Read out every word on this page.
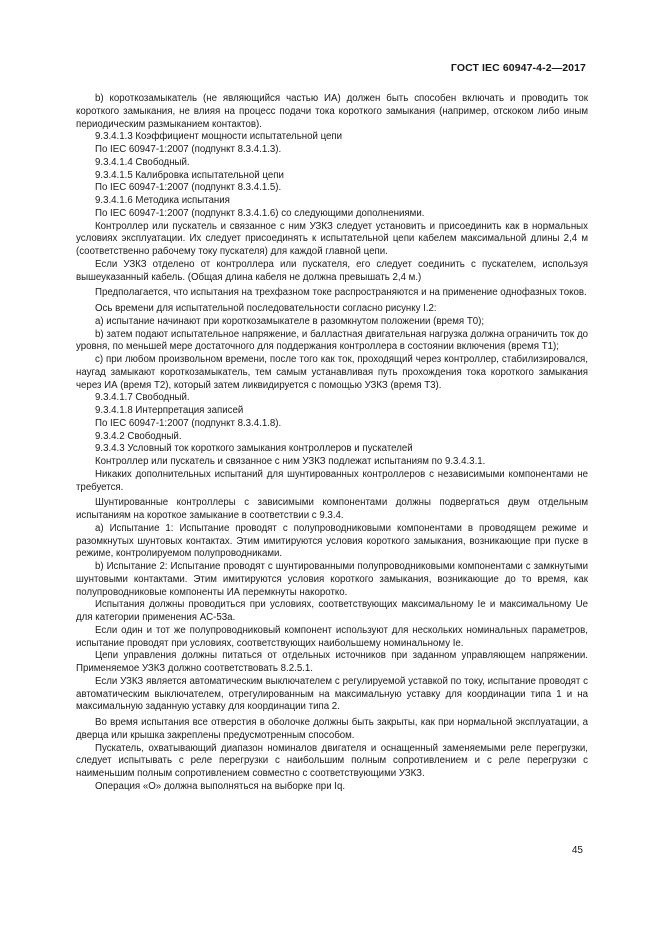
ГОСТ IEC 60947-4-2—2017

b) короткозамыкатель (не являющийся частью ИА) должен быть способен включать и проводить ток короткого замыкания, не влияя на процесс подачи тока короткого замыкания (например, отскоком либо иным периодическим размыканием контактов).

9.3.4.1.3 Коэффициент мощности испытательной цепи

По IEC 60947-1:2007 (подпункт 8.3.4.1.3).

9.3.4.1.4 Свободный.

9.3.4.1.5 Калибровка испытательной цепи

По IEC 60947-1:2007 (подпункт 8.3.4.1.5).

9.3.4.1.6 Методика испытания

По IEC 60947-1:2007 (подпункт 8.3.4.1.6) со следующими дополнениями.

Контроллер или пускатель и связанное с ним УЗКЗ следует установить и присоединить как в нормальных условиях эксплуатации. Их следует присоединять к испытательной цепи кабелем максимальной длины 2,4 м (соответственно рабочему току пускателя) для каждой главной цепи.

Если УЗКЗ отделено от контроллера или пускателя, его следует соединить с пускателем, используя вышеуказанный кабель. (Общая длина кабеля не должна превышать 2,4 м.)

Предполагается, что испытания на трехфазном токе распространяются и на применение однофазных токов.

Ось времени для испытательной последовательности согласно рисунку I.2:

a) испытание начинают при короткозамыкателе в разомкнутом положении (время T0);

b) затем подают испытательное напряжение, и балластная двигательная нагрузка должна ограничить ток до уровня, по меньшей мере достаточного для поддержания контроллера в состоянии включения (время T1);

c) при любом произвольном времени, после того как ток, проходящий через контроллер, стабилизировался, наугад замыкают короткозамыкатель, тем самым устанавливая путь прохождения тока короткого замыкания через ИА (время T2), который затем ликвидируется с помощью УЗКЗ (время T3).

9.3.4.1.7 Свободный.

9.3.4.1.8 Интерпретация записей

По IEC 60947-1:2007 (подпункт 8.3.4.1.8).

9.3.4.2 Свободный.

9.3.4.3 Условный ток короткого замыкания контроллеров и пускателей

Контроллер или пускатель и связанное с ним УЗКЗ подлежат испытаниям по 9.3.4.3.1.

Никаких дополнительных испытаний для шунтированных контроллеров с независимыми компонентами не требуется.

Шунтированные контроллеры с зависимыми компонентами должны подвергаться двум отдельным испытаниям на короткое замыкание в соответствии с 9.3.4.

a) Испытание 1: Испытание проводят с полупроводниковыми компонентами в проводящем режиме и разомкнутых шунтовых контактах. Этим имитируются условия короткого замыкания, возникающие при пуске в режиме, контролируемом полупроводниками.

b) Испытание 2: Испытание проводят с шунтированными полупроводниковыми компонентами с замкнутыми шунтовыми контактами. Этим имитируются условия короткого замыкания, возникающие до то время, как полупроводниковые компоненты ИА перемкнуты накоротко.

Испытания должны проводиться при условиях, соответствующих максимальному Ie и максимальному Ue для категории применения AC-53a.

Если один и тот же полупроводниковый компонент используют для нескольких номинальных параметров, испытание проводят при условиях, соответствующих наибольшему номинальному Ie.

Цепи управления должны питаться от отдельных источников при заданном управляющем напряжении. Применяемое УЗКЗ должно соответствовать 8.2.5.1.

Если УЗКЗ является автоматическим выключателем с регулируемой уставкой по току, испытание проводят с автоматическим выключателем, отрегулированным на максимальную уставку для координации типа 1 и на максимальную заданную уставку для координации типа 2.

Во время испытания все отверстия в оболочке должны быть закрыты, как при нормальной эксплуатации, а дверца или крышка закреплены предусмотренным способом.

Пускатель, охватывающий диапазон номиналов двигателя и оснащенный заменяемыми реле перегрузки, следует испытывать с реле перегрузки с наибольшим полным сопротивлением и с реле перегрузки с наименьшим полным сопротивлением совместно с соответствующими УЗКЗ.

Операция «О» должна выполняться на выборке при Iq.

45
